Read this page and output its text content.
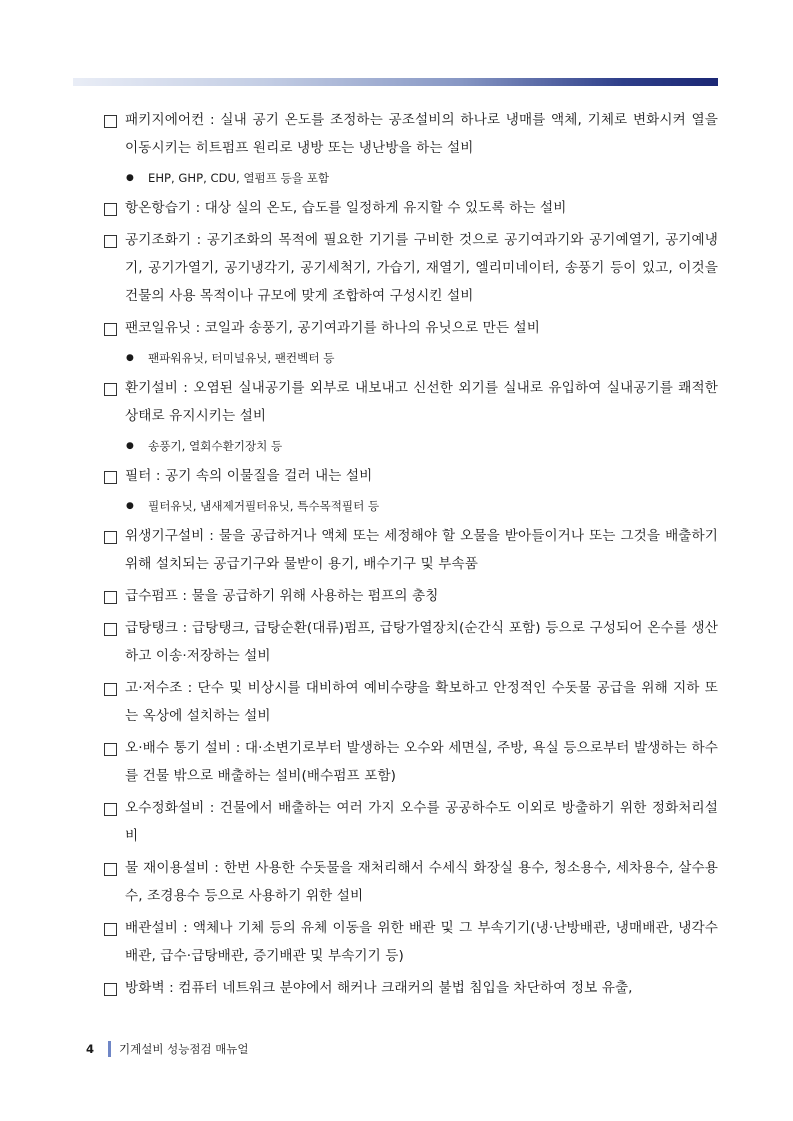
패키지에어컨 : 실내 공기 온도를 조정하는 공조설비의 하나로 냉매를 액체, 기체로 변화시켜 열을 이동시키는 히트펌프 원리로 냉방 또는 냉난방을 하는 설비
●	EHP, GHP, CDU, 열펌프 등을 포함
항온항습기 : 대상 실의 온도, 습도를 일정하게 유지할 수 있도록 하는 설비
공기조화기 : 공기조화의 목적에 필요한 기기를 구비한 것으로 공기여과기와 공기예열기, 공기예냉기, 공기가열기, 공기냉각기, 공기세척기, 가습기, 재열기, 엘리미네이터, 송풍기 등이 있고, 이것을 건물의 사용 목적이나 규모에 맞게 조합하여 구성시킨 설비
팬코일유닛 : 코일과 송풍기, 공기여과기를 하나의 유닛으로 만든 설비
●	팬파워유닛, 터미널유닛, 팬컨벡터 등
환기설비 : 오염된 실내공기를 외부로 내보내고 신선한 외기를 실내로 유입하여 실내공기를 쾌적한 상태로 유지시키는 설비
●	송풍기, 열회수환기장치 등
필터 : 공기 속의 이물질을 걸러 내는 설비
●	필터유닛, 냄새제거필터유닛, 특수목적필터 등
위생기구설비 : 물을 공급하거나 액체 또는 세정해야 할 오물을 받아들이거나 또는 그것을 배출하기 위해 설치되는 공급기구와 물받이 용기, 배수기구 및 부속품
급수펌프 : 물을 공급하기 위해 사용하는 펌프의 총칭
급탕탱크 : 급탕탱크, 급탕순환(대류)펌프, 급탕가열장치(순간식 포함) 등으로 구성되어 온수를 생산하고 이송·저장하는 설비
고·저수조 : 단수 및 비상시를 대비하여 예비수량을 확보하고 안정적인 수돗물 공급을 위해 지하 또는 옥상에 설치하는 설비
오·배수 통기 설비 : 대·소변기로부터 발생하는 오수와 세면실, 주방, 욕실 등으로부터 발생하는 하수를 건물 밖으로 배출하는 설비(배수펌프 포함)
오수정화설비 : 건물에서 배출하는 여러 가지 오수를 공공하수도 이외로 방출하기 위한 정화처리설비
물 재이용설비 : 한번 사용한 수돗물을 재처리해서 수세식 화장실 용수, 청소용수, 세차용수, 살수용수, 조경용수 등으로 사용하기 위한 설비
배관설비 : 액체나 기체 등의 유체 이동을 위한 배관 및 그 부속기기(냉·난방배관, 냉매배관, 냉각수배관, 급수·급탕배관, 증기배관 및 부속기기 등)
방화벽 : 컴퓨터 네트워크 분야에서 해커나 크래커의 불법 침입을 차단하여 정보 유출,
4 기계설비 성능점검 매뉴얼
